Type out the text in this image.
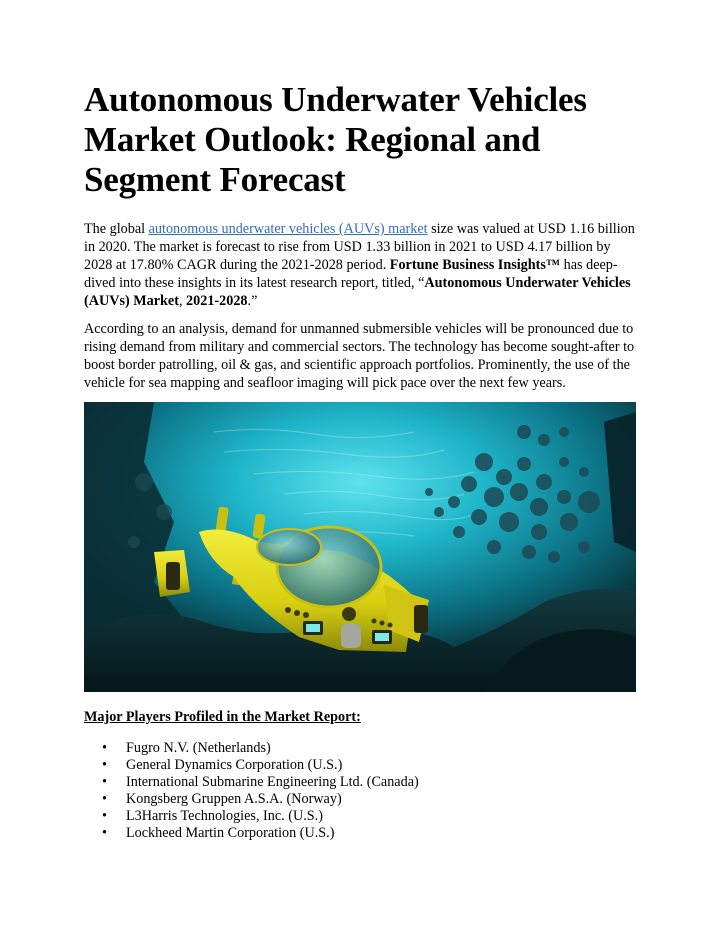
Autonomous Underwater Vehicles
Market Outlook: Regional and
Segment Forecast

The global autonomous underwater vehicles (AUVs) market size was valued at USD 1.16 billion in 2020. The market is forecast to rise from USD 1.33 billion in 2021 to USD 4.17 billion by 2028 at 17.80% CAGR during the 2021-2028 period. Fortune Business Insights™ has deep-dived into these insights in its latest research report, titled, “Autonomous Underwater Vehicles (AUVs) Market, 2021-2028.”

According to an analysis, demand for unmanned submersible vehicles will be pronounced due to rising demand from military and commercial sectors. The technology has become sought-after to boost border patrolling, oil & gas, and scientific approach portfolios. Prominently, the use of the vehicle for sea mapping and seafloor imaging will pick pace over the next few years.

Major Players Profiled in the Market Report:
• Fugro N.V. (Netherlands)
• General Dynamics Corporation (U.S.)
• International Submarine Engineering Ltd. (Canada)
• Kongsberg Gruppen A.S.A. (Norway)
• L3Harris Technologies, Inc. (U.S.)
• Lockheed Martin Corporation (U.S.)
